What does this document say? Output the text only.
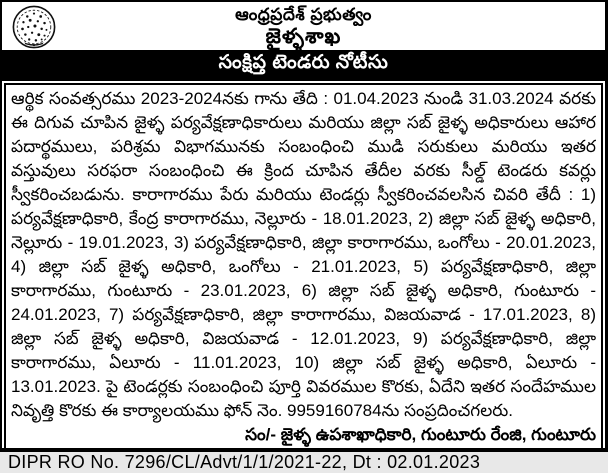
ఆంధ్రప్రదేశ్ ప్రభుత్వం
జైళ్ళశాఖ
సంక్షిప్త టెండరు నోటీసు
ఆర్థిక సంవత్సరము 2023-2024నకు గాను తేది : 01.04.2023 నుండి 31.03.2024 వరకు ఈ దిగువ చూపిన జైళ్ళ పర్యవేక్షణాధికారులు మరియు జిల్లా సబ్ జైళ్ళ అధికారులు ఆహార పదార్థములు, పరిశ్రమ విభాగమునకు సంబంధించి ముడి సరుకులు మరియు ఇతర వస్తువులు సరఫరా సంబంధించి ఈ క్రింద చూపిన తేదీల వరకు సీల్డ్ టెండరు కవర్లు స్వీకరించబడును. కారాగారము పేరు మరియు టెండర్లు స్వీకరించవలసిన చివరి తేదీ : 1) పర్యవేక్షణాధికారి, కేంద్ర కారాగారము, నెల్లూరు - 18.01.2023, 2) జిల్లా సబ్ జైళ్ళ అధికారి, నెల్లూరు - 19.01.2023, 3) పర్యవేక్షణాధికారి, జిల్లా కారాగారము, ఒంగోలు - 20.01.2023, 4) జిల్లా సబ్ జైళ్ళ అధికారి, ఒంగోలు - 21.01.2023, 5) పర్యవేక్షణాధికారి, జిల్లా కారాగారము, గుంటూరు - 23.01.2023, 6) జిల్లా సబ్ జైళ్ళ అధికారి, గుంటూరు - 24.01.2023, 7) పర్యవేక్షణాధికారి, జిల్లా కారాగారము, విజయవాడ - 17.01.2023, 8) జిల్లా సబ్ జైళ్ళ అధికారి, విజయవాడ - 12.01.2023, 9) పర్యవేక్షణాధికారి, జిల్లా కారాగారము, ఏలూరు - 11.01.2023, 10) జిల్లా సబ్ జైళ్ళ అధికారి, ఏలూరు - 13.01.2023. పై టెండర్లకు సంబంధించి పూర్తి వివరముల కొరకు, ఏదేని ఇతర సందేహముల నివృత్తి కొరకు ఈ కార్యాలయము ఫోన్ నెం. 9959160784ను సంప్రదించగలరు.
సం/- జైళ్ళ ఉపశాఖాధికారి, గుంటూరు రేంజి, గుంటూరు
DIPR RO No. 7296/CL/Advt/1/1/2021-22, Dt : 02.01.2023
